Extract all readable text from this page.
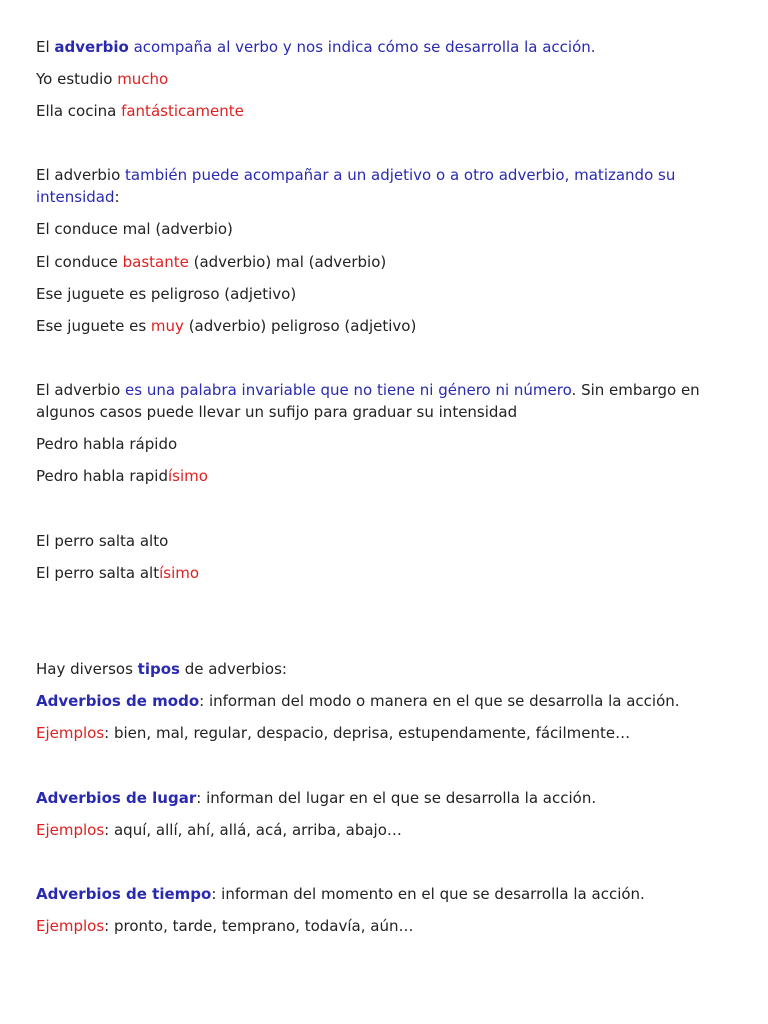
El adverbio acompaña al verbo y nos indica cómo se desarrolla la acción.
Yo estudio mucho
Ella cocina fantásticamente
El adverbio también puede acompañar a un adjetivo o a otro adverbio, matizando su intensidad:
El conduce mal (adverbio)
El conduce bastante (adverbio) mal (adverbio)
Ese juguete es peligroso (adjetivo)
Ese juguete es muy (adverbio) peligroso (adjetivo)
El adverbio es una palabra invariable que no tiene ni género ni número. Sin embargo en algunos casos puede llevar un sufijo para graduar su intensidad
Pedro habla rápido
Pedro habla rapidísimo
El perro salta alto
El perro salta altísimo
Hay diversos tipos de adverbios:
Adverbios de modo: informan del modo o manera en el que se desarrolla la acción.
Ejemplos: bien, mal, regular, despacio, deprisa, estupendamente, fácilmente…
Adverbios de lugar: informan del lugar en el que se desarrolla la acción.
Ejemplos: aquí, allí, ahí, allá, acá, arriba, abajo…
Adverbios de tiempo: informan del momento en el que se desarrolla la acción.
Ejemplos: pronto, tarde, temprano, todavía, aún…
